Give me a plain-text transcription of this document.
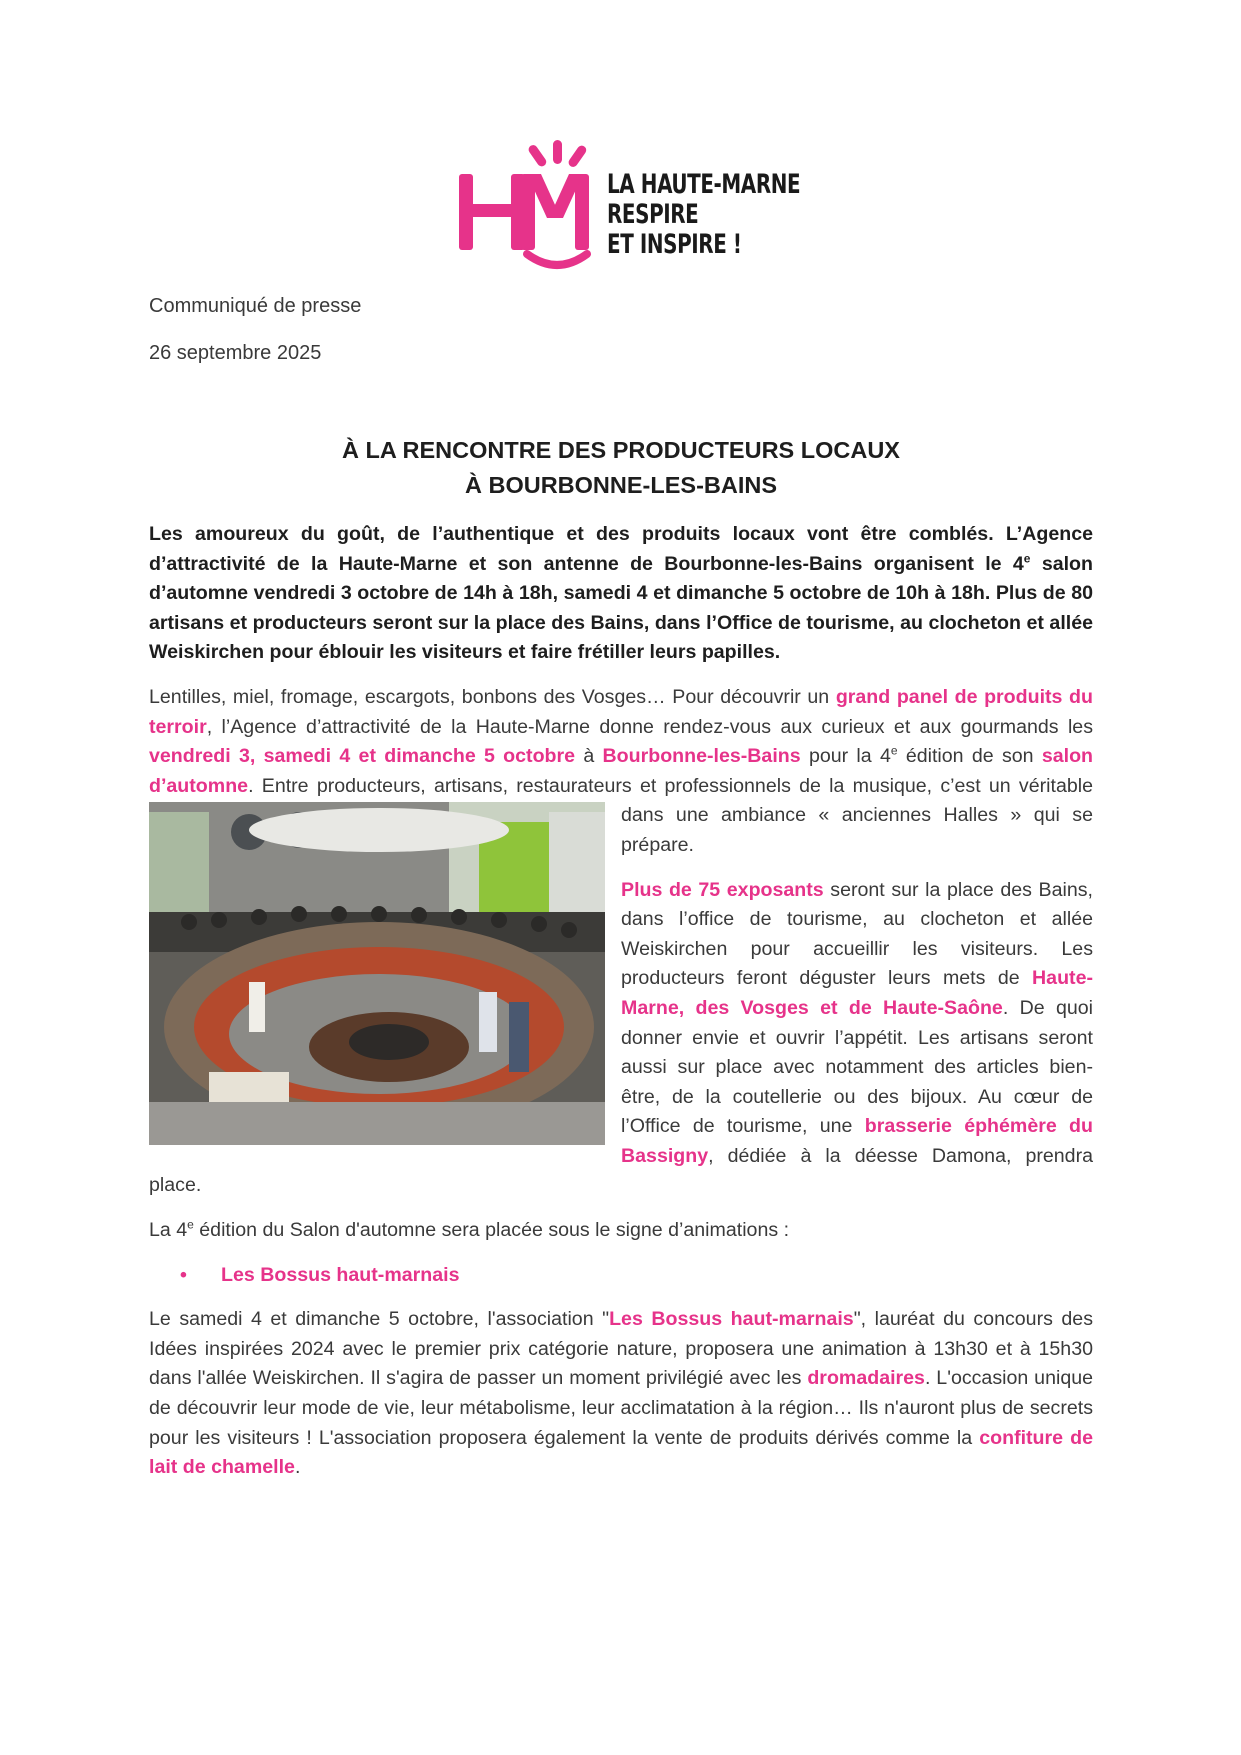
LA HAUTE-MARNE
RESPIRE
ET INSPIRE !
Communiqué de presse
26 septembre 2025
À LA RENCONTRE DES PRODUCTEURS LOCAUX
À BOURBONNE-LES-BAINS

Les amoureux du goût, de l’authentique et des produits locaux vont être comblés. L’Agence d’attractivité de la Haute-Marne et son antenne de Bourbonne-les-Bains organisent le 4e salon d’automne vendredi 3 octobre de 14h à 18h, samedi 4 et dimanche 5 octobre de 10h à 18h. Plus de 80 artisans et producteurs seront sur la place des Bains, dans l’Office de tourisme, au clocheton et allée Weiskirchen pour éblouir les visiteurs et faire frétiller leurs papilles.

Lentilles, miel, fromage, escargots, bonbons des Vosges… Pour découvrir un grand panel de produits du terroir, l’Agence d’attractivité de la Haute-Marne donne rendez-vous aux curieux et aux gourmands les vendredi 3, samedi 4 et dimanche 5 octobre à Bourbonne-les-Bains pour la 4e édition de son salon d’automne. Entre producteurs, artisans, restaurateurs et professionnels de la musique, c’est un véritable
dans une ambiance « anciennes Halles » qui se prépare.

Plus de 75 exposants seront sur la place des Bains, dans l’office de tourisme, au clocheton et allée Weiskirchen pour accueillir les visiteurs. Les producteurs feront déguster leurs mets de Haute-Marne, des Vosges et de Haute-Saône. De quoi donner envie et ouvrir l’appétit. Les artisans seront aussi sur place avec notamment des articles bien-être, de la coutellerie ou des bijoux. Au cœur de l’Office de tourisme, une brasserie éphémère du Bassigny, dédiée à la déesse Damona, prendra place.

La 4e édition du Salon d'automne sera placée sous le signe d’animations :

• Les Bossus haut-marnais

Le samedi 4 et dimanche 5 octobre, l'association "Les Bossus haut-marnais", lauréat du concours des Idées inspirées 2024 avec le premier prix catégorie nature, proposera une animation à 13h30 et à 15h30 dans l'allée Weiskirchen. Il s'agira de passer un moment privilégié avec les dromadaires. L'occasion unique de découvrir leur mode de vie, leur métabolisme, leur acclimatation à la région… Ils n'auront plus de secrets pour les visiteurs ! L'association proposera également la vente de produits dérivés comme la confiture de lait de chamelle.
